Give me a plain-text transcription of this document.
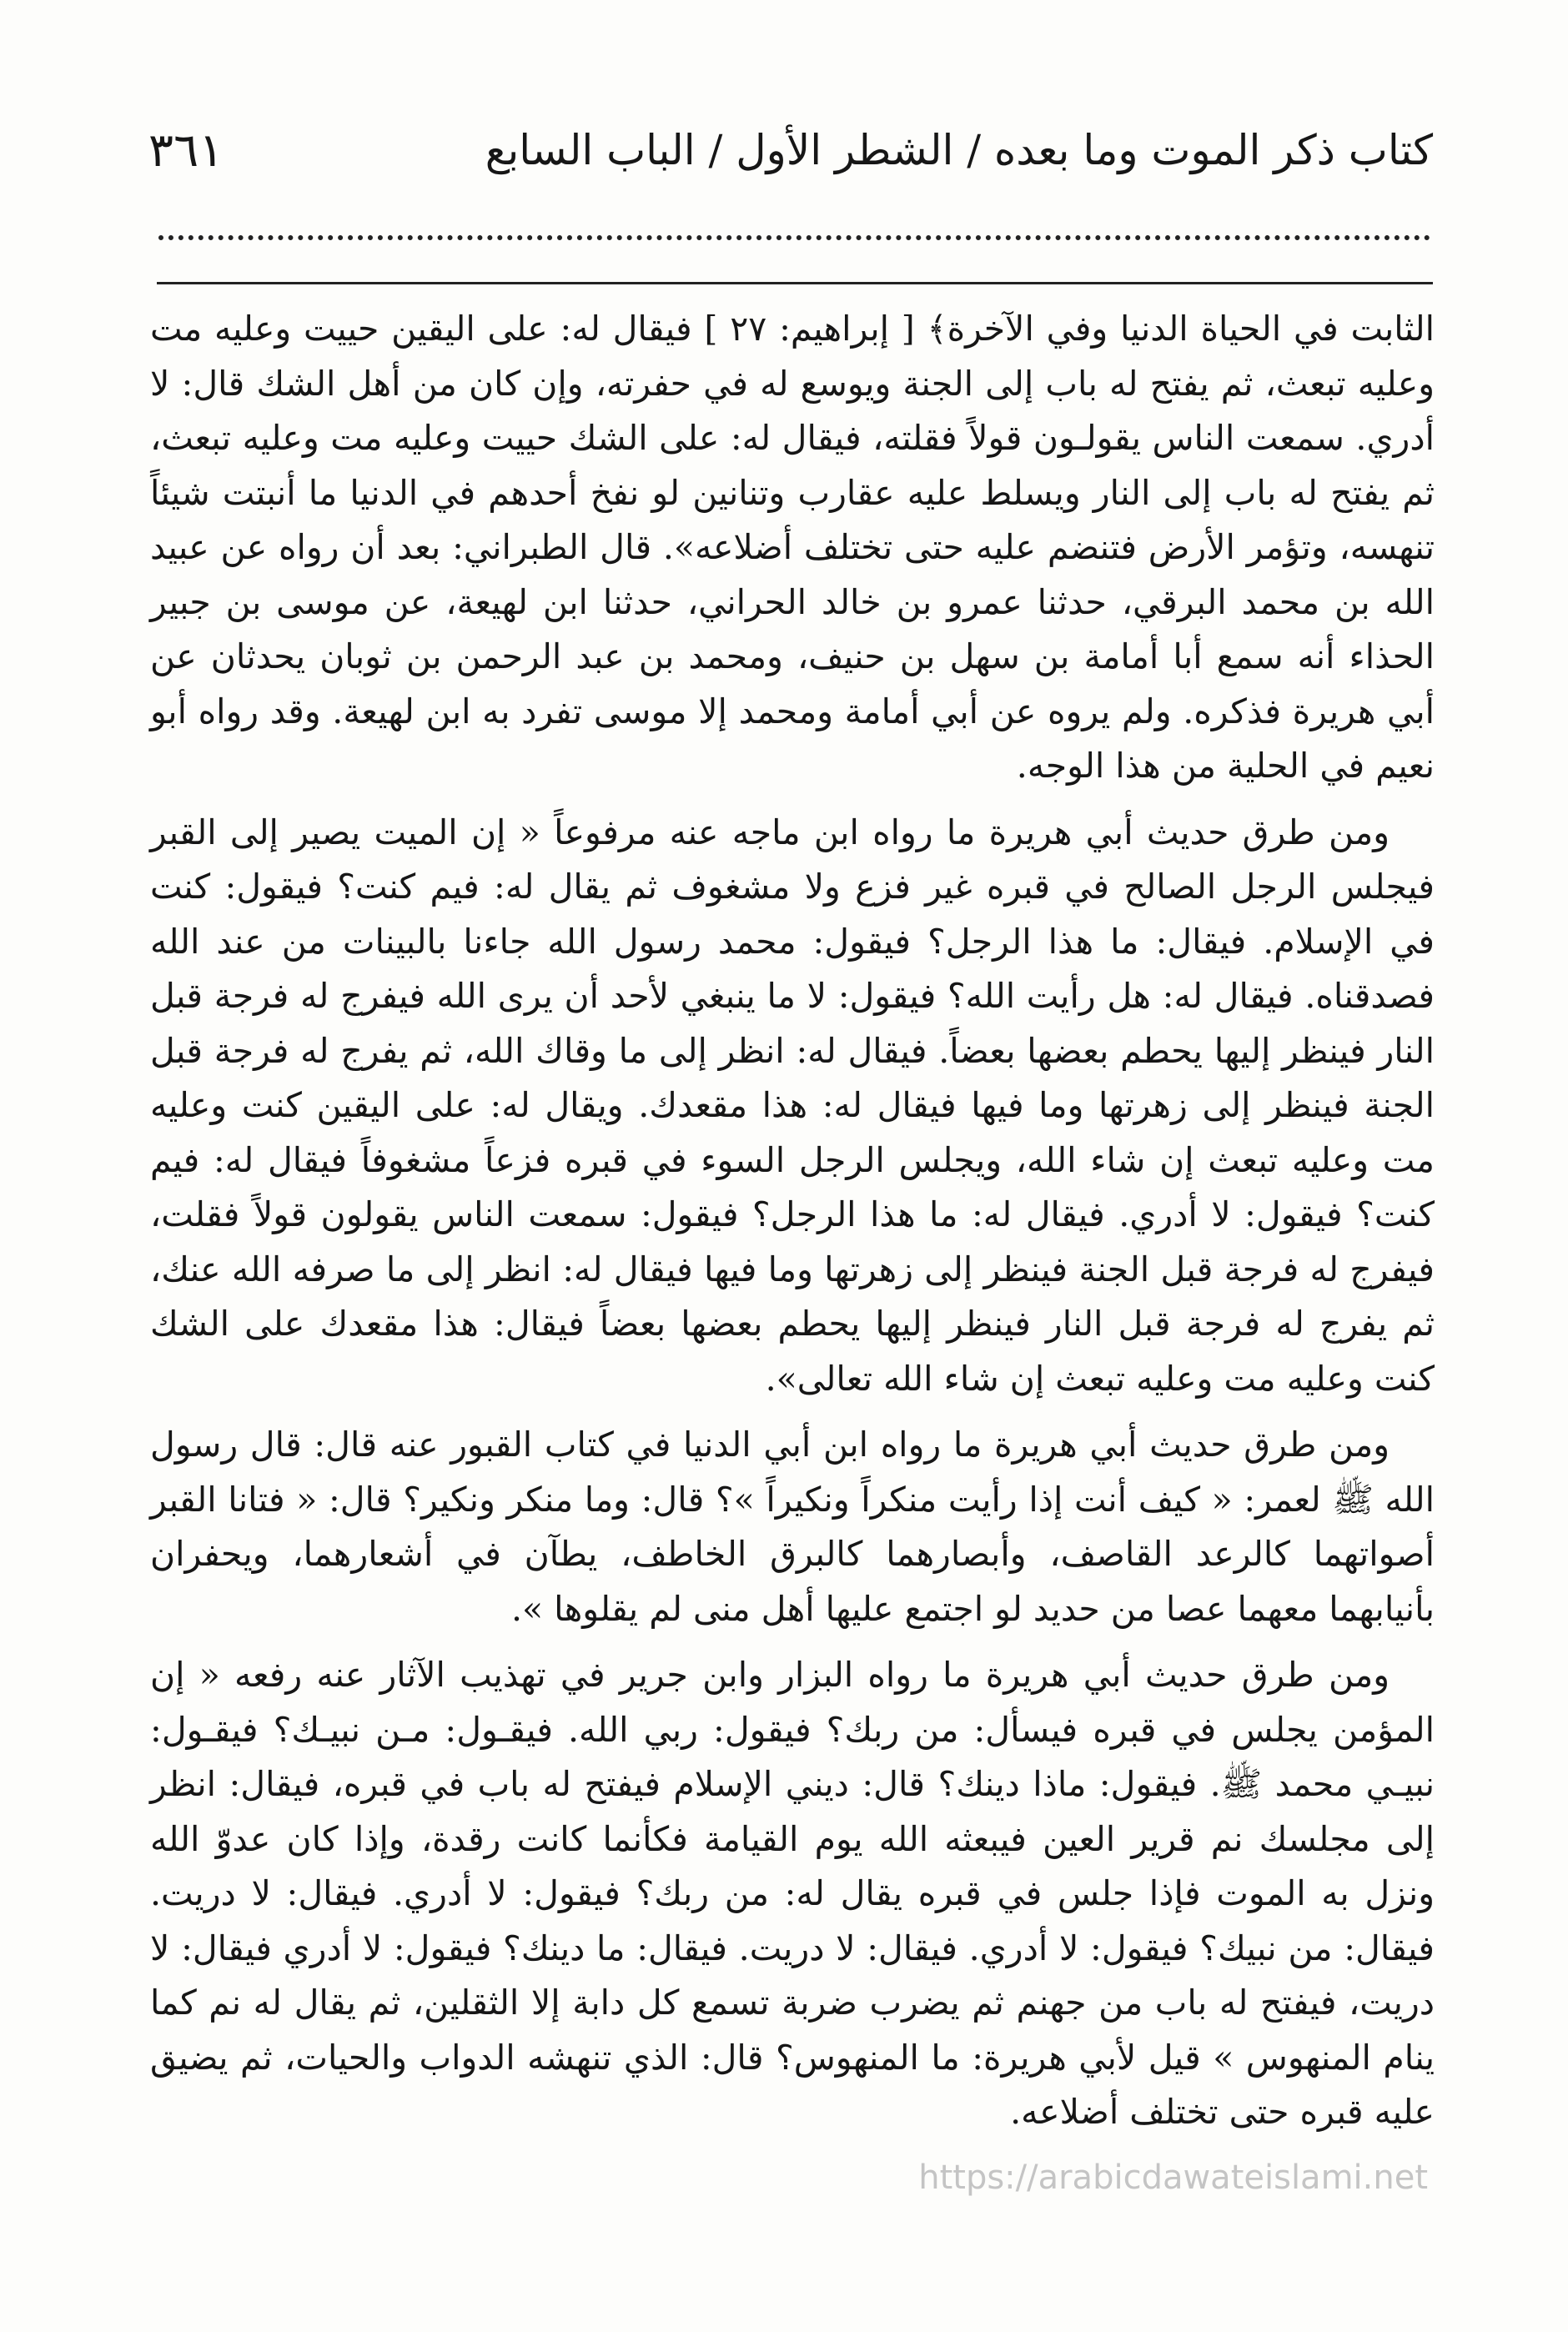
كتاب ذكر الموت وما بعده / الشطر الأول / الباب السابع
٣٦١

الثابت في الحياة الدنيا وفي الآخرة﴾ [ إبراهيم: ٢٧ ] فيقال له: على اليقين حييت وعليه مت وعليه تبعث، ثم يفتح له باب إلى الجنة ويوسع له في حفرته، وإن كان من أهل الشك قال: لا أدري. سمعت الناس يقولـون قولاً فقلته، فيقال له: على الشك حييت وعليه مت وعليه تبعث، ثم يفتح له باب إلى النار ويسلط عليه عقارب وتنانين لو نفخ أحدهم في الدنيا ما أنبتت شيئاً تنهسه، وتؤمر الأرض فتنضم عليه حتى تختلف أضلاعه». قال الطبراني: بعد أن رواه عن عبيد الله بن محمد البرقي، حدثنا عمرو بن خالد الحراني، حدثنا ابن لهيعة، عن موسى بن جبير الحذاء أنه سمع أبا أمامة بن سهل بن حنيف، ومحمد بن عبد الرحمن بن ثوبان يحدثان عن أبي هريرة فذكره. ولم يروه عن أبي أمامة ومحمد إلا موسى تفرد به ابن لهيعة. وقد رواه أبو نعيم في الحلية من هذا الوجه.

ومن طرق حديث أبي هريرة ما رواه ابن ماجه عنه مرفوعاً « إن الميت يصير إلى القبر فيجلس الرجل الصالح في قبره غير فزع ولا مشغوف ثم يقال له: فيم كنت؟ فيقول: كنت في الإسلام. فيقال: ما هذا الرجل؟ فيقول: محمد رسول الله جاءنا بالبينات من عند الله فصدقناه. فيقال له: هل رأيت الله؟ فيقول: لا ما ينبغي لأحد أن يرى الله فيفرج له فرجة قبل النار فينظر إليها يحطم بعضها بعضاً. فيقال له: انظر إلى ما وقاك الله، ثم يفرج له فرجة قبل الجنة فينظر إلى زهرتها وما فيها فيقال له: هذا مقعدك. ويقال له: على اليقين كنت وعليه مت وعليه تبعث إن شاء الله، ويجلس الرجل السوء في قبره فزعاً مشغوفاً فيقال له: فيم كنت؟ فيقول: لا أدري. فيقال له: ما هذا الرجل؟ فيقول: سمعت الناس يقولون قولاً فقلت، فيفرج له فرجة قبل الجنة فينظر إلى زهرتها وما فيها فيقال له: انظر إلى ما صرفه الله عنك، ثم يفرج له فرجة قبل النار فينظر إليها يحطم بعضها بعضاً فيقال: هذا مقعدك على الشك كنت وعليه مت وعليه تبعث إن شاء الله تعالى».

ومن طرق حديث أبي هريرة ما رواه ابن أبي الدنيا في كتاب القبور عنه قال: قال رسول الله ﷺ لعمر: « كيف أنت إذا رأيت منكراً ونكيراً »؟ قال: وما منكر ونكير؟ قال: « فتانا القبر أصواتهما كالرعد القاصف، وأبصارهما كالبرق الخاطف، يطآن في أشعارهما، ويحفران بأنيابهما معهما عصا من حديد لو اجتمع عليها أهل منى لم يقلوها ».

ومن طرق حديث أبي هريرة ما رواه البزار وابن جرير في تهذيب الآثار عنه رفعه « إن المؤمن يجلس في قبره فيسأل: من ربك؟ فيقول: ربي الله. فيقـول: مـن نبيـك؟ فيقـول: نبيـي محمد ﷺ. فيقول: ماذا دينك؟ قال: ديني الإسلام فيفتح له باب في قبره، فيقال: انظر إلى مجلسك نم قرير العين فيبعثه الله يوم القيامة فكأنما كانت رقدة، وإذا كان عدوّ الله ونزل به الموت فإذا جلس في قبره يقال له: من ربك؟ فيقول: لا أدري. فيقال: لا دريت. فيقال: من نبيك؟ فيقول: لا أدري. فيقال: لا دريت. فيقال: ما دينك؟ فيقول: لا أدري فيقال: لا دريت، فيفتح له باب من جهنم ثم يضرب ضربة تسمع كل دابة إلا الثقلين، ثم يقال له نم كما ينام المنهوس » قيل لأبي هريرة: ما المنهوس؟ قال: الذي تنهشه الدواب والحيات، ثم يضيق عليه قبره حتى تختلف أضلاعه.

https://arabicdawateislami.net
